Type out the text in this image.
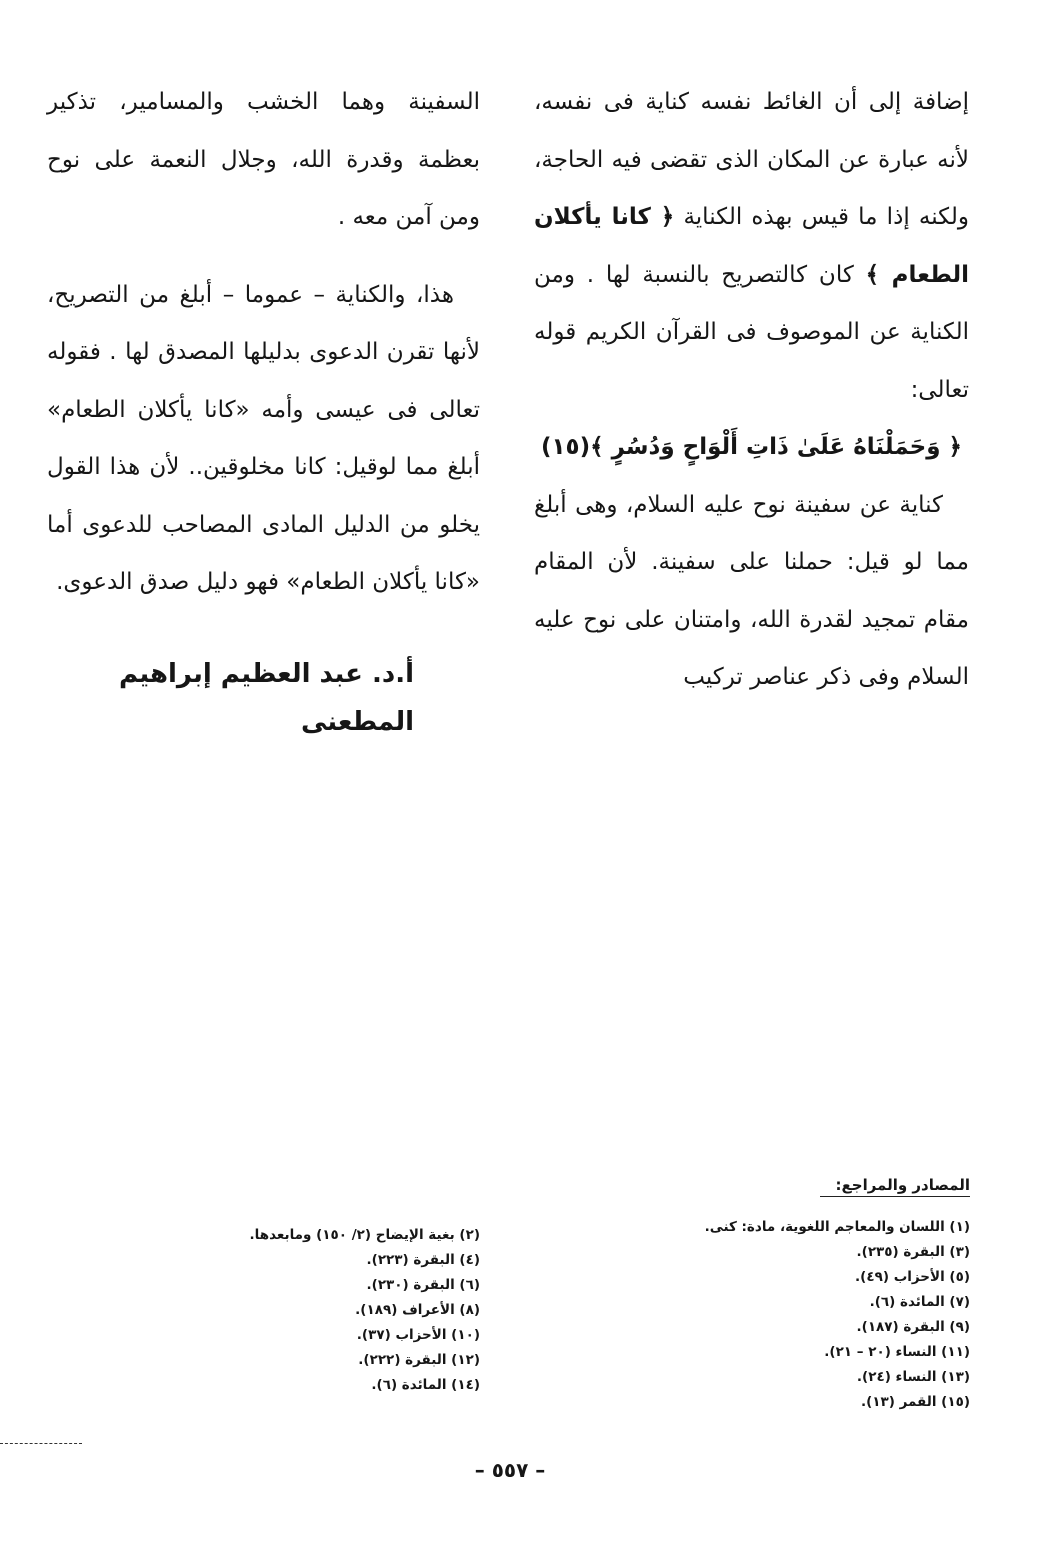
إضافة إلى أن الغائط نفسه كناية فى نفسه، لأنه عبارة عن المكان الذى تقضى فيه الحاجة، ولكنه إذا ما قيس بهذه الكناية ﴿ كانا يأكلان الطعام ﴾ كان كالتصريح بالنسبة لها . ومن الكناية عن الموصوف فى القرآن الكريم قوله تعالى:

﴿ وَحَمَلْنَاهُ عَلَىٰ ذَاتِ أَلْوَاحٍ وَدُسُرٍ ﴾(١٥)

كناية عن سفينة نوح عليه السلام، وهى أبلغ مما لو قيل: حملنا على سفينة. لأن المقام مقام تمجيد لقدرة الله، وامتنان على نوح عليه السلام وفى ذكر عناصر تركيب

السفينة وهما الخشب والمسامير، تذكير بعظمة وقدرة الله، وجلال النعمة على نوح ومن آمن معه .

هذا، والكناية – عموما – أبلغ من التصريح، لأنها تقرن الدعوى بدليلها المصدق لها . فقوله تعالى فى عيسى وأمه «كانا يأكلان الطعام» أبلغ مما لوقيل: كانا مخلوقين.. لأن هذا القول يخلو من الدليل المادى المصاحب للدعوى أما «كانا يأكلان الطعام» فهو دليل صدق الدعوى.

أ.د. عبد العظيم إبراهيم المطعنى
المصادر والمراجع:
(١) اللسان والمعاجم اللغوية، مادة: كنى.
(٣) البقرة (٢٣٥).
(٥) الأحزاب (٤٩).
(٧) المائدة (٦).
(٩) البقرة (١٨٧).
(١١) النساء (٢٠ – ٢١).
(١٣) النساء (٢٤).
(١٥) القمر (١٣).
(٢) بغية الإيضاح (٢/ ١٥٠) ومابعدها.
(٤) البقرة (٢٢٣).
(٦) البقرة (٢٣٠).
(٨) الأعراف (١٨٩).
(١٠) الأحزاب (٣٧).
(١٢) البقرة (٢٢٢).
(١٤) المائدة (٦).
– ٥٥٧ –
